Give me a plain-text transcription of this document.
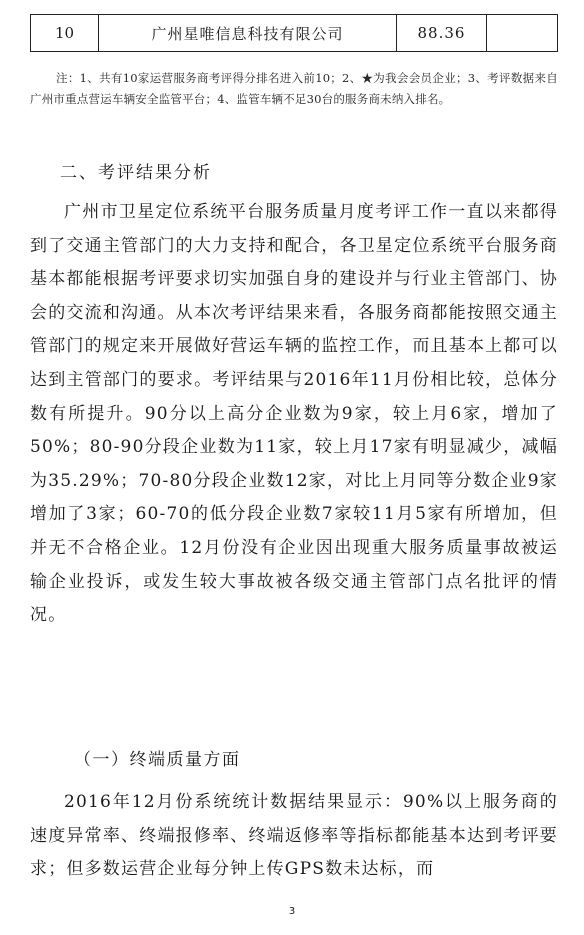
10	广州星唯信息科技有限公司	88.36
注：1、共有10家运营服务商考评得分排名进入前10；2、★为我会会员企业；3、考评数据来自广州市重点营运车辆安全监管平台；4、监管车辆不足30台的服务商未纳入排名。
二、考评结果分析

广州市卫星定位系统平台服务质量月度考评工作一直以来都得到了交通主管部门的大力支持和配合，各卫星定位系统平台服务商基本都能根据考评要求切实加强自身的建设并与行业主管部门、协会的交流和沟通。从本次考评结果来看，各服务商都能按照交通主管部门的规定来开展做好营运车辆的监控工作，而且基本上都可以达到主管部门的要求。考评结果与2016年11月份相比较，总体分数有所提升。90分以上高分企业数为9家，较上月6家，增加了50%；80-90分段企业数为11家，较上月17家有明显减少，减幅为35.29%；70-80分段企业数12家，对比上月同等分数企业9家增加了3家；60-70的低分段企业数7家较11月5家有所增加，但并无不合格企业。12月份没有企业因出现重大服务质量事故被运输企业投诉，或发生较大事故被各级交通主管部门点名批评的情况。

（一）终端质量方面

2016年12月份系统统计数据结果显示：90%以上服务商的速度异常率、终端报修率、终端返修率等指标都能基本达到考评要求；但多数运营企业每分钟上传GPS数未达标，而

3
